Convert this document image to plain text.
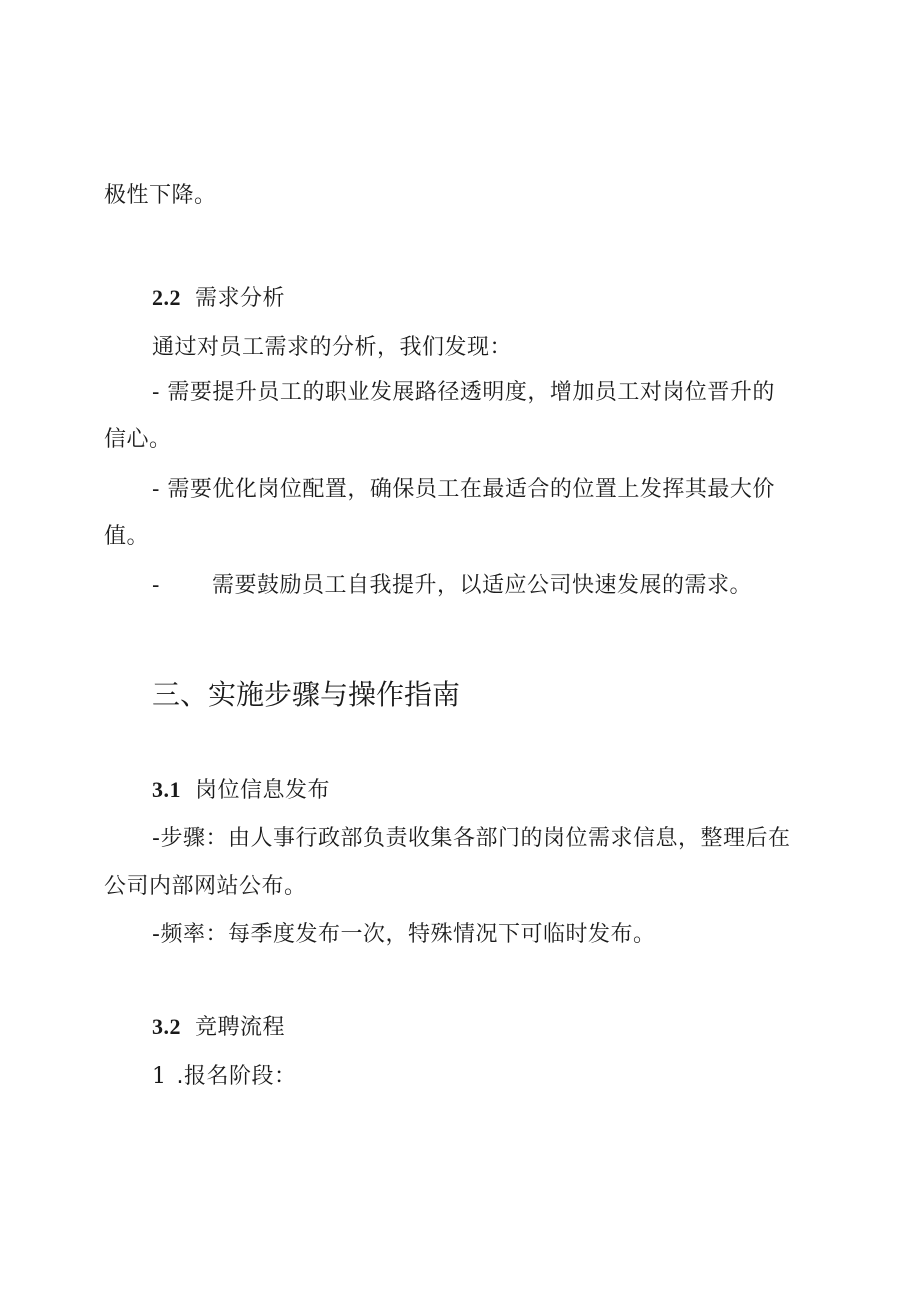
极性下降。
2.2 需求分析
通过对员工需求的分析，我们发现：
- 需要提升员工的职业发展路径透明度，增加员工对岗位晋升的
信心。
- 需要优化岗位配置，确保员工在最适合的位置上发挥其最大价
值。
- 需要鼓励员工自我提升，以适应公司快速发展的需求。
三、实施步骤与操作指南
3.1 岗位信息发布
-步骤：由人事行政部负责收集各部门的岗位需求信息，整理后在
公司内部网站公布。
-频率：每季度发布一次，特殊情况下可临时发布。
3.2 竞聘流程
1 .报名阶段：
